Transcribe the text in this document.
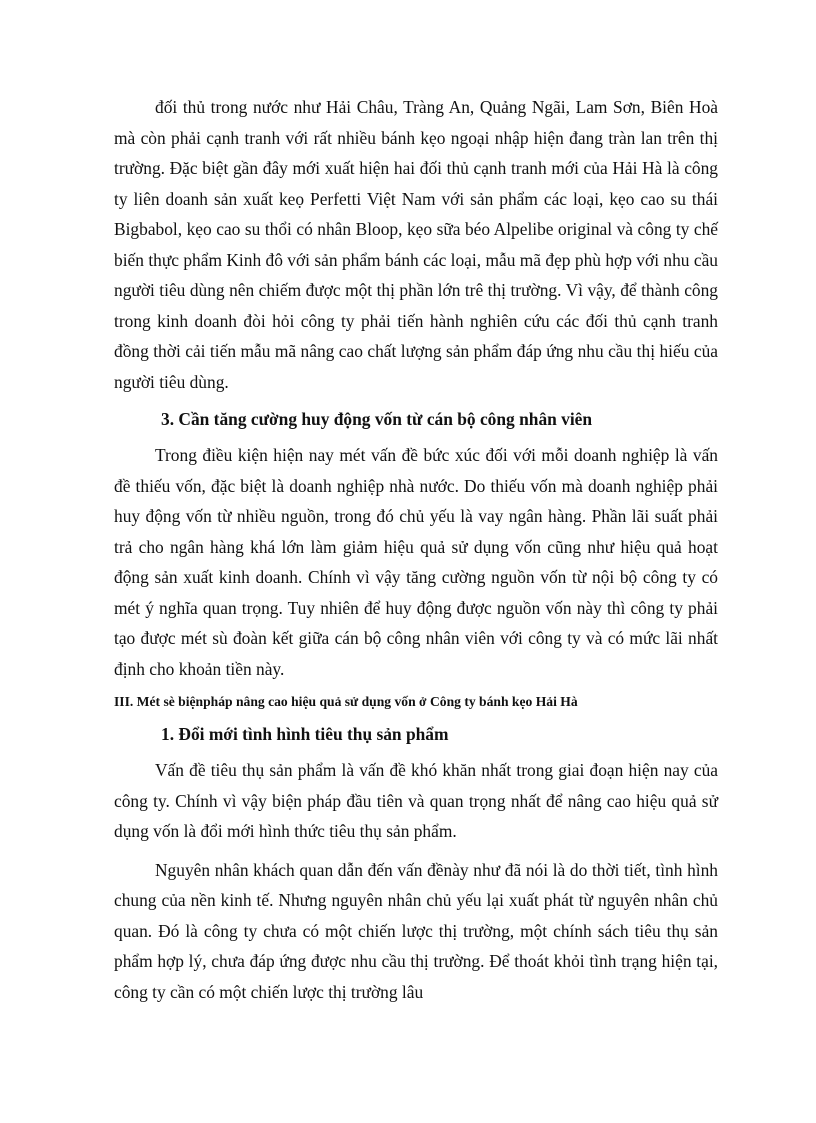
đối thủ trong nước như Hải Châu, Tràng An, Quảng Ngãi, Lam Sơn, Biên Hoà mà còn phải cạnh tranh với rất nhiều bánh kẹo ngoại nhập hiện đang tràn lan trên thị trường. Đặc biệt gần đây mới xuất hiện hai đối thủ cạnh tranh mới của Hải Hà là công ty liên doanh sản xuất keọ Perfetti Việt Nam với sản phẩm các loại, kẹo cao su thái Bigbabol, kẹo cao su thổi có nhân Bloop, kẹo sữa béo Alpelibe original và công ty chế biến thực phẩm Kinh đô với sản phẩm bánh các loại, mẫu mã đẹp phù hợp với nhu cầu người tiêu dùng nên chiếm được một thị phần lớn trê thị trường. Vì vậy, để thành công trong kinh doanh đòi hỏi công ty phải tiến hành nghiên cứu các đối thủ cạnh tranh đồng thời cải tiến mẫu mã nâng cao chất lượng sản phẩm đáp ứng nhu cầu thị hiếu của người tiêu dùng.

3. Cần tăng cường huy động vốn từ cán bộ công nhân viên

Trong điều kiện hiện nay mét vấn đề bức xúc đối với mỗi doanh nghiệp là vấn đề thiếu vốn, đặc biệt là doanh nghiệp nhà nước. Do thiếu vốn mà doanh nghiệp phải huy động vốn từ nhiều nguồn, trong đó chủ yếu là vay ngân hàng. Phần lãi suất phải trả cho ngân hàng khá lớn làm giảm hiệu quả sử dụng vốn cũng như hiệu quả hoạt động sản xuất kinh doanh. Chính vì vậy tăng cường nguồn vốn từ nội bộ công ty có mét ý nghĩa quan trọng. Tuy nhiên để huy động được nguồn vốn này thì công ty phải tạo được mét sù đoàn kết giữa cán bộ công nhân viên với công ty và có mức lãi nhất định cho khoản tiền này.

III. Mét sè biệnpháp nâng cao hiệu quả sử dụng vốn ở Công ty bánh kẹo Hải Hà
1. Đổi mới tình hình tiêu thụ sản phẩm

Vấn đề tiêu thụ sản phẩm là vấn đề khó khăn nhất trong giai đoạn hiện nay của công ty. Chính vì vậy biện pháp đầu tiên và quan trọng nhất để nâng cao hiệu quả sử dụng vốn là đổi mới hình thức tiêu thụ sản phẩm.

Nguyên nhân khách quan dẫn đến vấn đềnày như đã nói là do thời tiết, tình hình chung của nền kinh tế. Nhưng nguyên nhân chủ yếu lại xuất phát từ nguyên nhân chủ quan. Đó là công ty chưa có một chiến lược thị trường, một chính sách tiêu thụ sản phẩm hợp lý, chưa đáp ứng được nhu cầu thị trường. Để thoát khỏi tình trạng hiện tại, công ty cần có một chiến lược thị trường lâu
